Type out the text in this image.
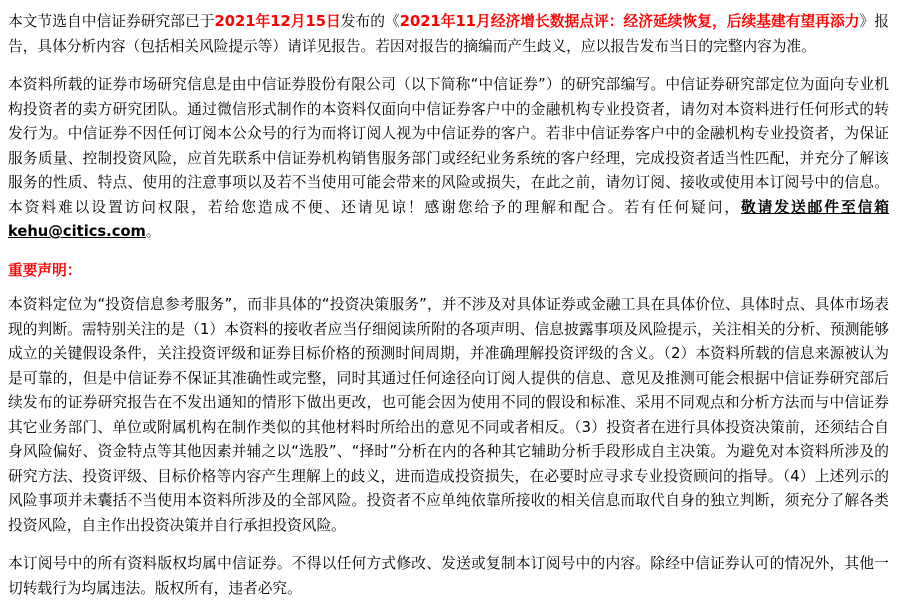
本文节选自中信证券研究部已于2021年12月15日发布的《2021年11月经济增长数据点评：经济延续恢复，后续基建有望再添力》报告，具体分析内容（包括相关风险提示等）请详见报告。若因对报告的摘编而产生歧义，应以报告发布当日的完整内容为准。

本资料所载的证券市场研究信息是由中信证券股份有限公司（以下简称“中信证券”）的研究部编写。中信证券研究部定位为面向专业机构投资者的卖方研究团队。通过微信形式制作的本资料仅面向中信证券客户中的金融机构专业投资者，请勿对本资料进行任何形式的转发行为。中信证券不因任何订阅本公众号的行为而将订阅人视为中信证券的客户。若非中信证券客户中的金融机构专业投资者，为保证服务质量、控制投资风险，应首先联系中信证券机构销售服务部门或经纪业务系统的客户经理，完成投资者适当性匹配，并充分了解该服务的性质、特点、使用的注意事项以及若不当使用可能会带来的风险或损失，在此之前，请勿订阅、接收或使用本订阅号中的信息。本资料难以设置访问权限，若给您造成不便、还请见谅！感谢您给予的理解和配合。若有任何疑问，敬请发送邮件至信箱kehu@citics.com。

重要声明：

本资料定位为“投资信息参考服务”，而非具体的“投资决策服务”，并不涉及对具体证券或金融工具在具体价位、具体时点、具体市场表现的判断。需特别关注的是（1）本资料的接收者应当仔细阅读所附的各项声明、信息披露事项及风险提示，关注相关的分析、预测能够成立的关键假设条件，关注投资评级和证券目标价格的预测时间周期，并准确理解投资评级的含义。（2）本资料所载的信息来源被认为是可靠的，但是中信证券不保证其准确性或完整，同时其通过任何途径向订阅人提供的信息、意见及推测可能会根据中信证券研究部后续发布的证券研究报告在不发出通知的情形下做出更改，也可能会因为使用不同的假设和标准、采用不同观点和分析方法而与中信证券其它业务部门、单位或附属机构在制作类似的其他材料时所给出的意见不同或者相反。（3）投资者在进行具体投资决策前，还须结合自身风险偏好、资金特点等其他因素并辅之以“选股”、“择时”分析在内的各种其它辅助分析手段形成自主决策。为避免对本资料所涉及的研究方法、投资评级、目标价格等内容产生理解上的歧义，进而造成投资损失，在必要时应寻求专业投资顾问的指导。（4）上述列示的风险事项并未囊括不当使用本资料所涉及的全部风险。投资者不应单纯依靠所接收的相关信息而取代自身的独立判断，须充分了解各类投资风险，自主作出投资决策并自行承担投资风险。

本订阅号中的所有资料版权均属中信证券。不得以任何方式修改、发送或复制本订阅号中的内容。除经中信证券认可的情况外，其他一切转载行为均属违法。版权所有，违者必究。
